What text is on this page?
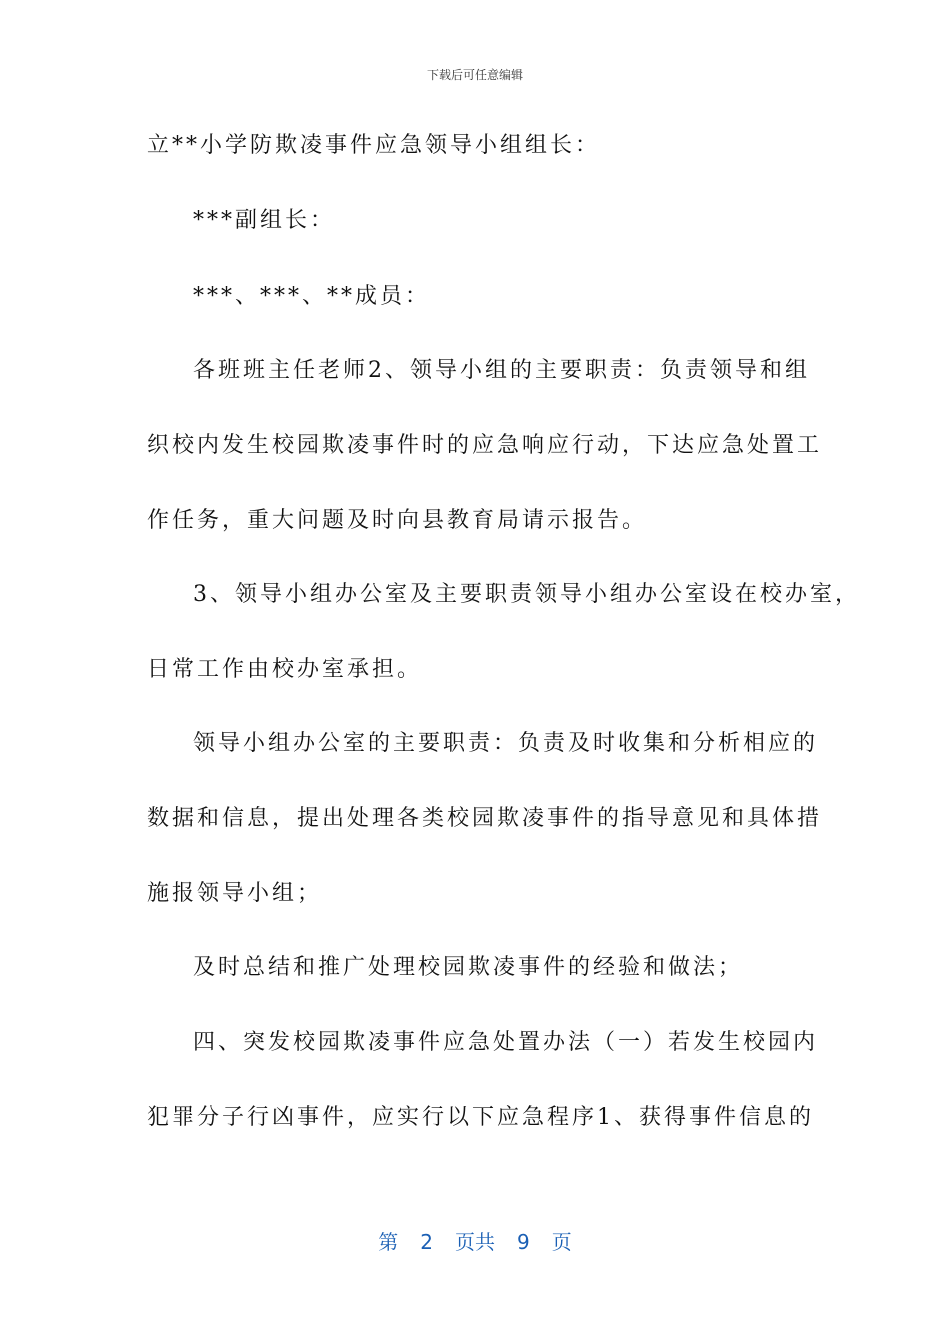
下载后可任意编辑
立**小学防欺凌事件应急领导小组组长：
***副组长：
***、***、**成员：
各班班主任老师2、领导小组的主要职责：负责领导和组
织校内发生校园欺凌事件时的应急响应行动，下达应急处置工
作任务，重大问题及时向县教育局请示报告。
3、领导小组办公室及主要职责领导小组办公室设在校办室，
日常工作由校办室承担。
领导小组办公室的主要职责：负责及时收集和分析相应的
数据和信息，提出处理各类校园欺凌事件的指导意见和具体措
施报领导小组；
及时总结和推广处理校园欺凌事件的经验和做法；
四、突发校园欺凌事件应急处置办法（一）若发生校园内
犯罪分子行凶事件，应实行以下应急程序1、获得事件信息的
第 2 页共 9 页
